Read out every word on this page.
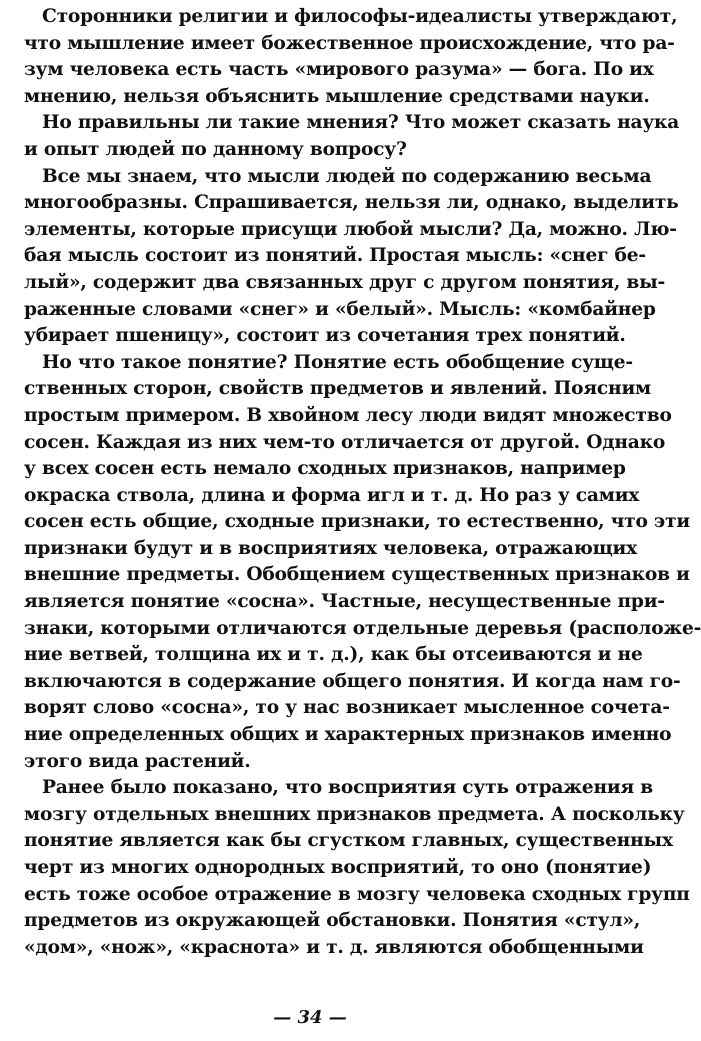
Сторонники религии и философы-идеалисты утверждают,
что мышление имеет божественное происхождение, что ра-
зум человека есть часть «мирового разума» — бога. По их
мнению, нельзя объяснить мышление средствами науки.
Но правильны ли такие мнения? Что может сказать наука
и опыт людей по данному вопросу?
Все мы знаем, что мысли людей по содержанию весьма
многообразны. Спрашивается, нельзя ли, однако, выделить
элементы, которые присущи любой мысли? Да, можно. Лю-
бая мысль состоит из понятий. Простая мысль: «снег бе-
лый», содержит два связанных друг с другом понятия, вы-
раженные словами «снег» и «белый». Мысль: «комбайнер
убирает пшеницу», состоит из сочетания трех понятий.
Но что такое понятие? Понятие есть обобщение суще-
ственных сторон, свойств предметов и явлений. Поясним
простым примером. В хвойном лесу люди видят множество
сосен. Каждая из них чем-то отличается от другой. Однако
у всех сосен есть немало сходных признаков, например
окраска ствола, длина и форма игл и т. д. Но раз у самих
сосен есть общие, сходные признаки, то естественно, что эти
признаки будут и в восприятиях человека, отражающих
внешние предметы. Обобщением существенных признаков и
является понятие «сосна». Частные, несущественные при-
знаки, которыми отличаются отдельные деревья (расположе-
ние ветвей, толщина их и т. д.), как бы отсеиваются и не
включаются в содержание общего понятия. И когда нам го-
ворят слово «сосна», то у нас возникает мысленное сочета-
ние определенных общих и характерных признаков именно
этого вида растений.
Ранее было показано, что восприятия суть отражения в
мозгу отдельных внешних признаков предмета. А поскольку
понятие является как бы сгустком главных, существенных
черт из многих однородных восприятий, то оно (понятие)
есть тоже особое отражение в мозгу человека сходных групп
предметов из окружающей обстановки. Понятия «стул»,
«дом», «нож», «краснота» и т. д. являются обобщенными
— 34 —
